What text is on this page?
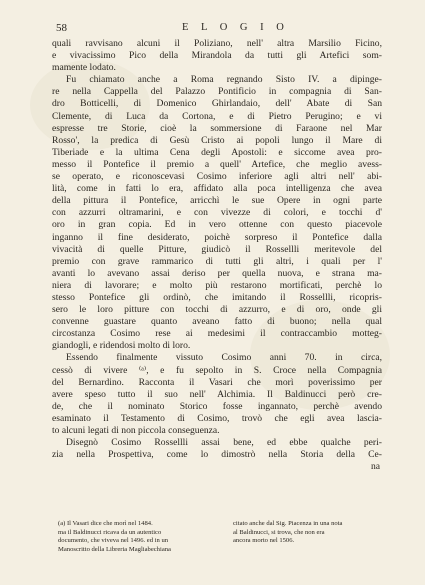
58	E L O G I O
quali ravvisano alcuni il Poliziano, nell' altra Marsilio Ficino,
e vivacissimo Pico della Mirandola da tutti gli Artefici som-
mamente lodato.
Fu chiamato anche a Roma regnando Sisto IV. a dipinge-
re nella Cappella del Palazzo Pontificio in compagnia di San-
dro Botticelli, di Domenico Ghirlandaio, dell' Abate di San
Clemente, di Luca da Cortona, e di Pietro Perugino; e vi
espresse tre Storie, cioè la sommersione di Faraone nel Mar
Rosso', la predica di Gesù Cristo ai popoli lungo il Mare di
Tiberiade e la ultima Cena degli Apostoli: e siccome avea pro-
messo il Pontefice il premio a quell' Artefice, che meglio avess-
se operato, e riconoscevasi Cosimo inferiore agli altri nell' abi-
lità, come in fatti lo era, affidato alla poca intelligenza che avea
della pittura il Pontefice, arricchì le sue Opere in ogni parte
con azzurri oltramarini, e con vivezze di colori, e tocchi d'
oro in gran copia. Ed in vero ottenne con questo piacevole
inganno il fine desiderato, poichè sorpreso il Pontefice dalla
vivacità di quelle Pitture, giudicò il Rossellli meritevole del
premio con grave rammarico di tutti gli altri, i quali per l'
avanti lo avevano assai deriso per quella nuova, e strana ma-
niera di lavorare; e molto più restarono mortificati, perchè lo
stesso Pontefice gli ordinò, che imitando il Rossellli, ricopris-
sero le loro pitture con tocchi di azzurro, e di oro, onde gli
convenne guastare quanto aveano fatto di buono; nella qual
circostanza Cosimo rese ai medesimi il contraccambio motteg-
giandogli, e ridendosi molto di loro.
Essendo finalmente vissuto Cosimo anni 70. in circa,
cessò di vivere ⁽ᵃ⁾, e fu sepolto in S. Croce nella Compagnia
del Bernardino. Racconta il Vasari che morì poverissimo per
avere speso tutto il suo nell' Alchimia. Il Baldinucci però cre-
de, che il nominato Storico fosse ingannato, perchè avendo
esaminato il Testamento di Cosimo, trovò che egli avea lascia-
to alcuni legati di non piccola conseguenza.
Disegnò Cosimo Rossellli assai bene, ed ebbe qualche peri-
zia nella Prospettiva, come lo dimostrò nella Storia della Ce-
na
(a) Il Vasari dice che morì nel 1484.
ma il Baldinucci ricava da un autentico
documento, che viveva nel 1496. ed in un
Manoscritto della Libreria Magliabechiana
citato anche dal Sig. Piacenza in una nota
al Baldinucci, si trova, che non era
ancora morto nel 1506.
